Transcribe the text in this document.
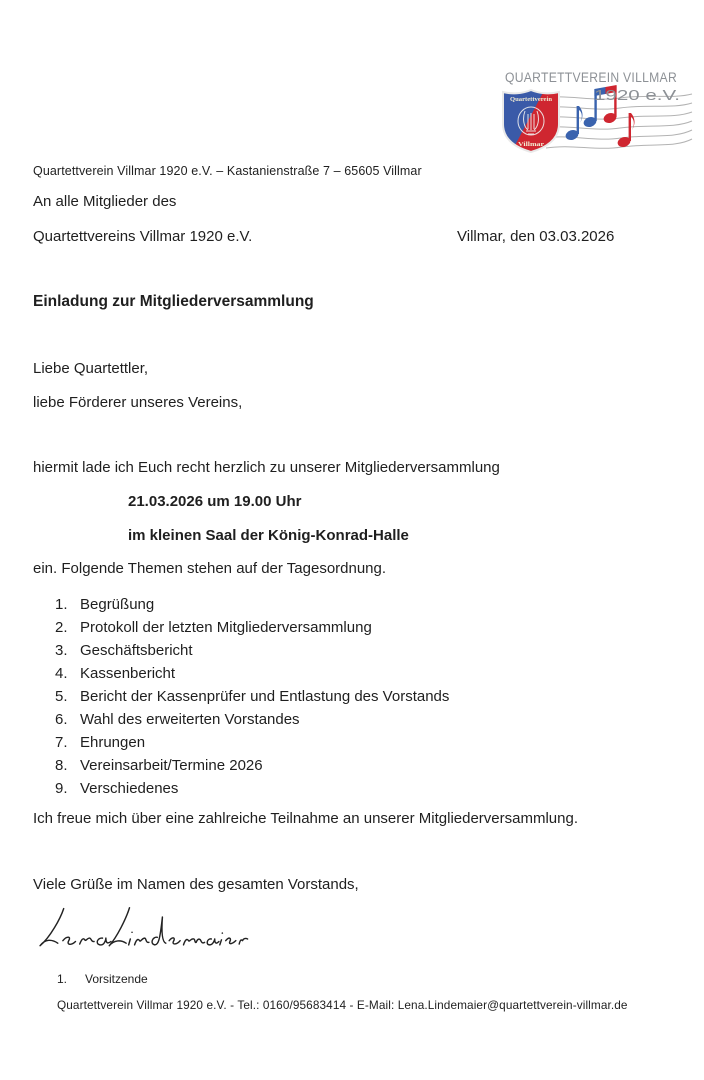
Quartettverein
Villmar
QUARTETTVEREIN VILLMAR
1920 e.V.
Quartettverein Villmar 1920 e.V. – Kastanienstraße 7 – 65605 Villmar
An alle Mitglieder des
Quartettvereins Villmar 1920 e.V.	Villmar, den 03.03.2026
Einladung zur Mitgliederversammlung
Liebe Quartettler,
liebe Förderer unseres Vereins,
hiermit lade ich Euch recht herzlich zu unserer Mitgliederversammlung
21.03.2026 um 19.00 Uhr
im kleinen Saal der König-Konrad-Halle
ein. Folgende Themen stehen auf der Tagesordnung.
1. Begrüßung
2. Protokoll der letzten Mitgliederversammlung
3. Geschäftsbericht
4. Kassenbericht
5. Bericht der Kassenprüfer und Entlastung des Vorstands
6. Wahl des erweiterten Vorstandes
7. Ehrungen
8. Vereinsarbeit/Termine 2026
9. Verschiedenes
Ich freue mich über eine zahlreiche Teilnahme an unserer Mitgliederversammlung.
Viele Grüße im Namen des gesamten Vorstands,
1.	Vorsitzende
Quartettverein Villmar 1920 e.V. - Tel.: 0160/95683414 - E-Mail: Lena.Lindemaier@quartettverein-villmar.de
